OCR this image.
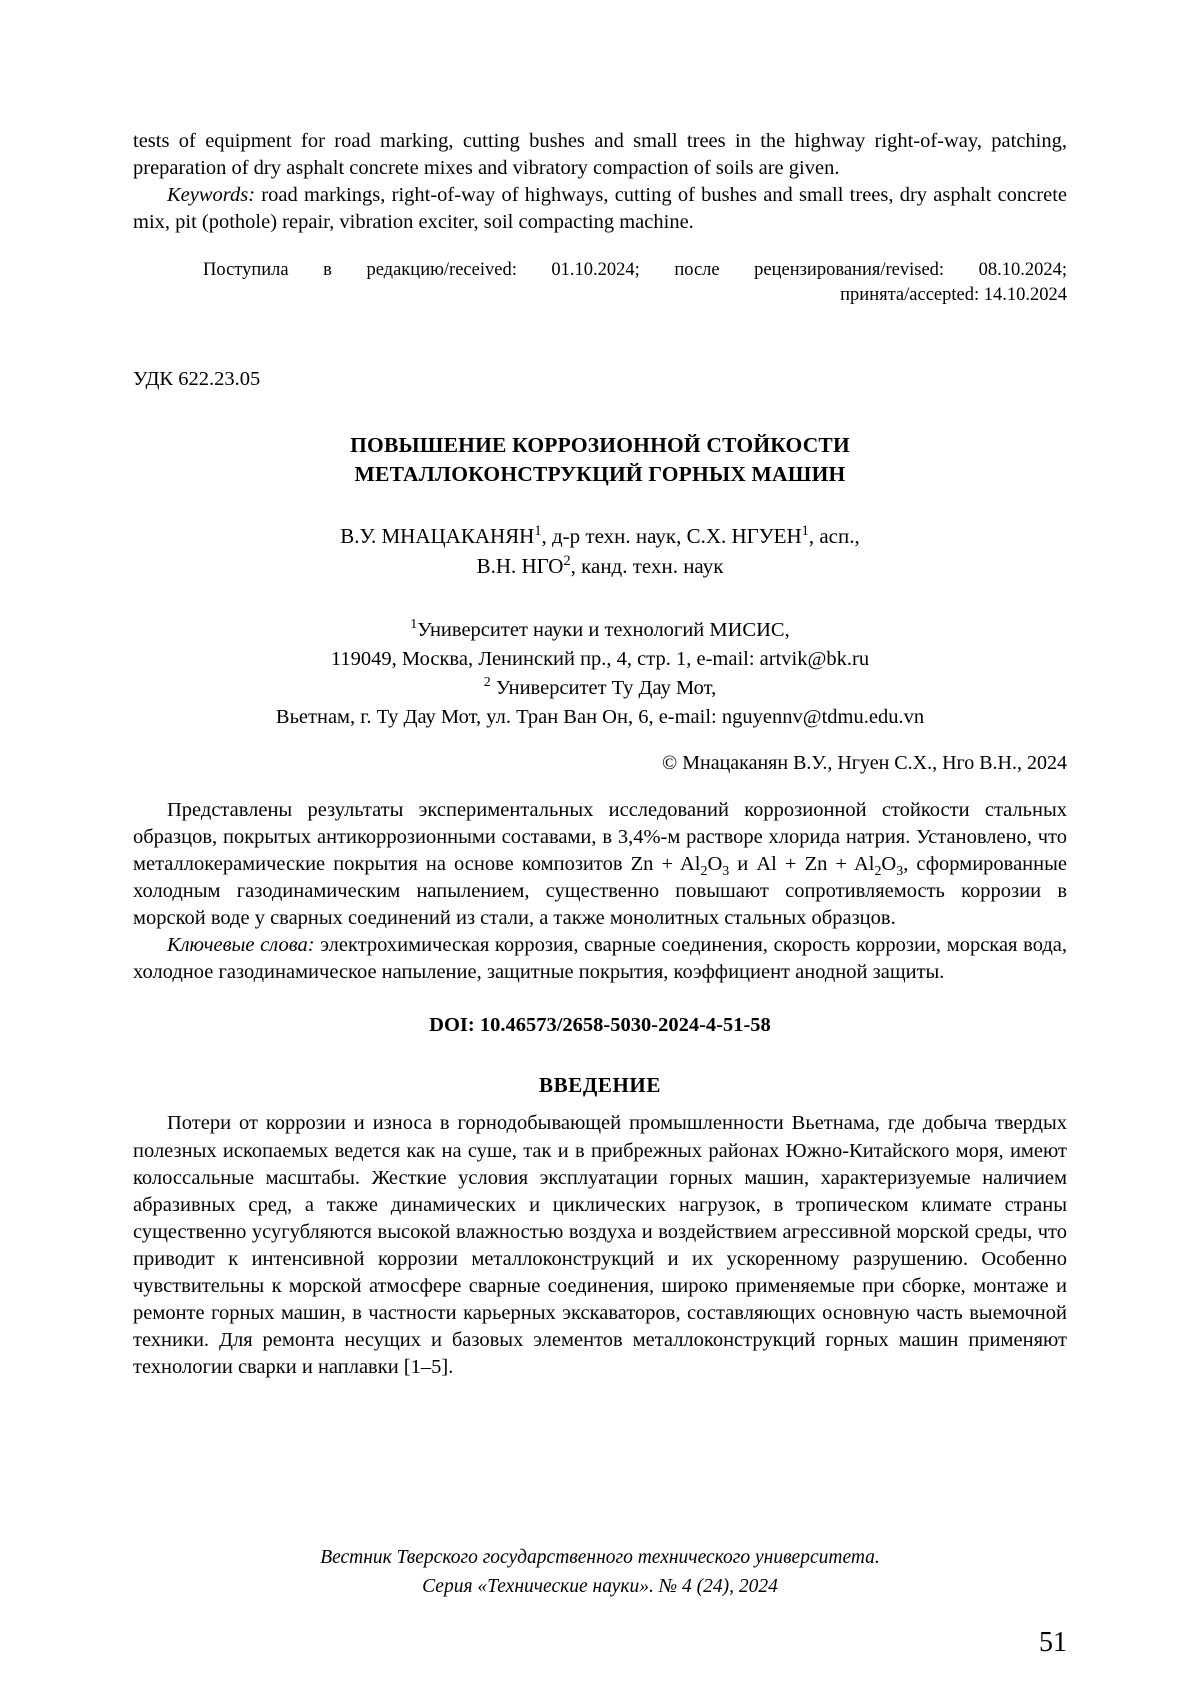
tests of equipment for road marking, cutting bushes and small trees in the highway right-of-way, patching, preparation of dry asphalt concrete mixes and vibratory compaction of soils are given.

Keywords: road markings, right-of-way of highways, cutting of bushes and small trees, dry asphalt concrete mix, pit (pothole) repair, vibration exciter, soil compacting machine.

Поступила в редакцию/received: 01.10.2024; после рецензирования/revised: 08.10.2024;
принята/accepted: 14.10.2024

УДК 622.23.05

ПОВЫШЕНИЕ КОРРОЗИОННОЙ СТОЙКОСТИ
МЕТАЛЛОКОНСТРУКЦИЙ ГОРНЫХ МАШИН
В.У. МНАЦАКАНЯН$^1$, д-р техн. наук, С.Х. НГУЕН$^1$, асп.,
В.Н. НГО$^2$, канд. техн. наук
$^1$Университет науки и технологий МИСИС,
119049, Москва, Ленинский пр., 4, стр. 1, e-mail: artvik@bk.ru
$^2$ Университет Ту Дау Мот,
Вьетнам, г. Ту Дау Мот, ул. Тран Ван Он, 6, e-mail: nguyennv@tdmu.edu.vn

© Мнацаканян В.У., Нгуен С.Х., Нго В.Н., 2024

Представлены результаты экспериментальных исследований коррозионной стойкости стальных образцов, покрытых антикоррозионными составами, в 3,4%-м растворе хлорида натрия. Установлено, что металлокерамические покрытия на основе композитов $Zn + Al_2O_3$ и $Al + Zn + Al_2O_3$, сформированные холодным газодинамическим напылением, существенно повышают сопротивляемость коррозии в морской воде у сварных соединений из стали, а также монолитных стальных образцов.

Ключевые слова: электрохимическая коррозия, сварные соединения, скорость коррозии, морская вода, холодное газодинамическое напыление, защитные покрытия, коэффициент анодной защиты.

DOI: 10.46573/2658-5030-2024-4-51-58

ВВЕДЕНИЕ

Потери от коррозии и износа в горнодобывающей промышленности Вьетнама, где добыча твердых полезных ископаемых ведется как на суше, так и в прибрежных районах Южно-Китайского моря, имеют колоссальные масштабы. Жесткие условия эксплуатации горных машин, характеризуемые наличием абразивных сред, а также динамических и циклических нагрузок, в тропическом климате страны существенно усугубляются высокой влажностью воздуха и воздействием агрессивной морской среды, что приводит к интенсивной коррозии металлоконструкций и их ускоренному разрушению. Особенно чувствительны к морской атмосфере сварные соединения, широко применяемые при сборке, монтаже и ремонте горных машин, в частности карьерных экскаваторов, составляющих основную часть выемочной техники. Для ремонта несущих и базовых элементов металлоконструкций горных машин применяют технологии сварки и наплавки [1–5].

Вестник Тверского государственного технического университета.
Серия «Технические науки». № 4 (24), 2024
51
